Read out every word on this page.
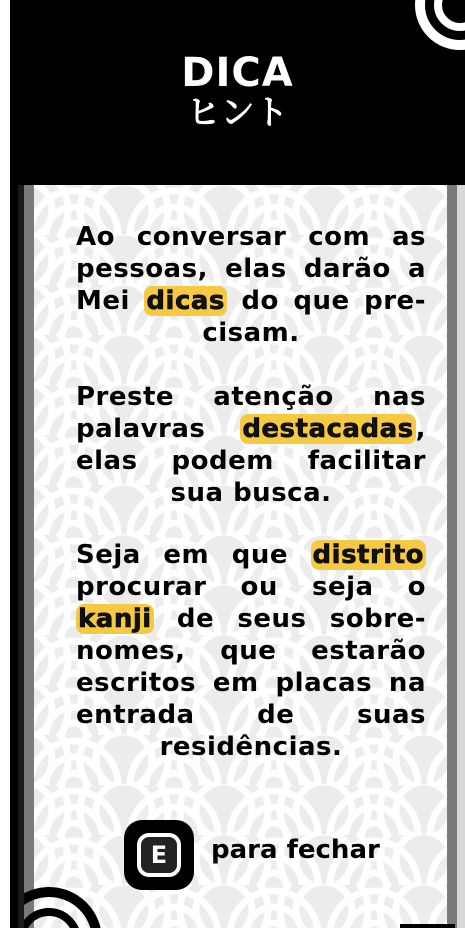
DICA
ヒント
Ao conversar com as pessoas, elas darão a Mei dicas do que pre-cisam.
Preste atenção nas palavras destacadas, elas podem facilitar sua busca.
Seja em que distrito procurar ou seja o kanji de seus sobre-nomes, que estarão escritos em placas na entrada de suas residências.
E	para fechar
